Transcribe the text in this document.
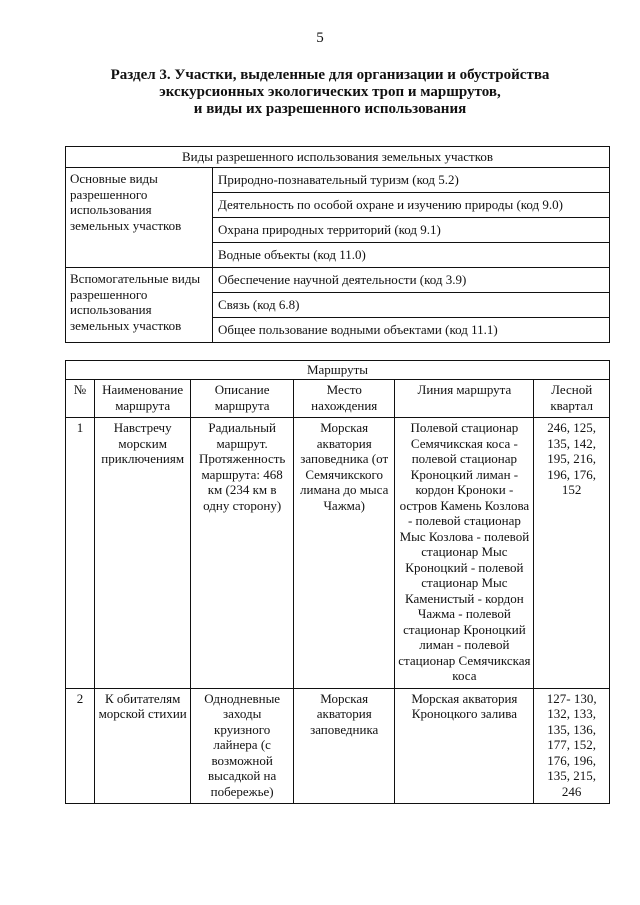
5
Раздел 3. Участки, выделенные для организации и обустройства
экскурсионных экологических троп и маршрутов,
и виды их разрешенного использования
Виды разрешенного использования земельных участков	
Основные виды разрешенного использования земельных участков	Природно-познавательный туризм (код 5.2)
	Деятельность по особой охране и изучению природы (код 9.0)
	Охрана природных территорий (код 9.1)
	Водные объекты (код 11.0)
Вспомогательные виды разрешенного использования земельных участков	Обеспечение научной деятельности (код 3.9)
	Связь (код 6.8)
	Общее пользование водными объектами (код 11.1)
Маршруты					
№	Наименование маршрута	Описание маршрута	Место нахождения	Линия маршрута	Лесной квартал
1	Навстречу морским приключениям	Радиальный маршрут. Протяженность маршрута: 468 км (234 км в одну сторону)	Морская акватория заповедника (от Семячикского лимана до мыса Чажма)	Полевой стационар Семячикская коса - полевой стационар Кроноцкий лиман - кордон Кроноки - остров Камень Козлова - полевой стационар Мыс Козлова - полевой стационар Мыс Кроноцкий - полевой стационар Мыс Каменистый - кордон Чажма - полевой стационар Кроноцкий лиман - полевой стационар Семячикская коса	246, 125, 135, 142, 195, 216, 196, 176, 152
2	К обитателям морской стихии	Однодневные заходы круизного лайнера (с возможной высадкой на побережье)	Морская акватория заповедника	Морская акватория Кроноцкого залива	127- 130, 132, 133, 135, 136, 177, 152, 176, 196, 135, 215, 246
